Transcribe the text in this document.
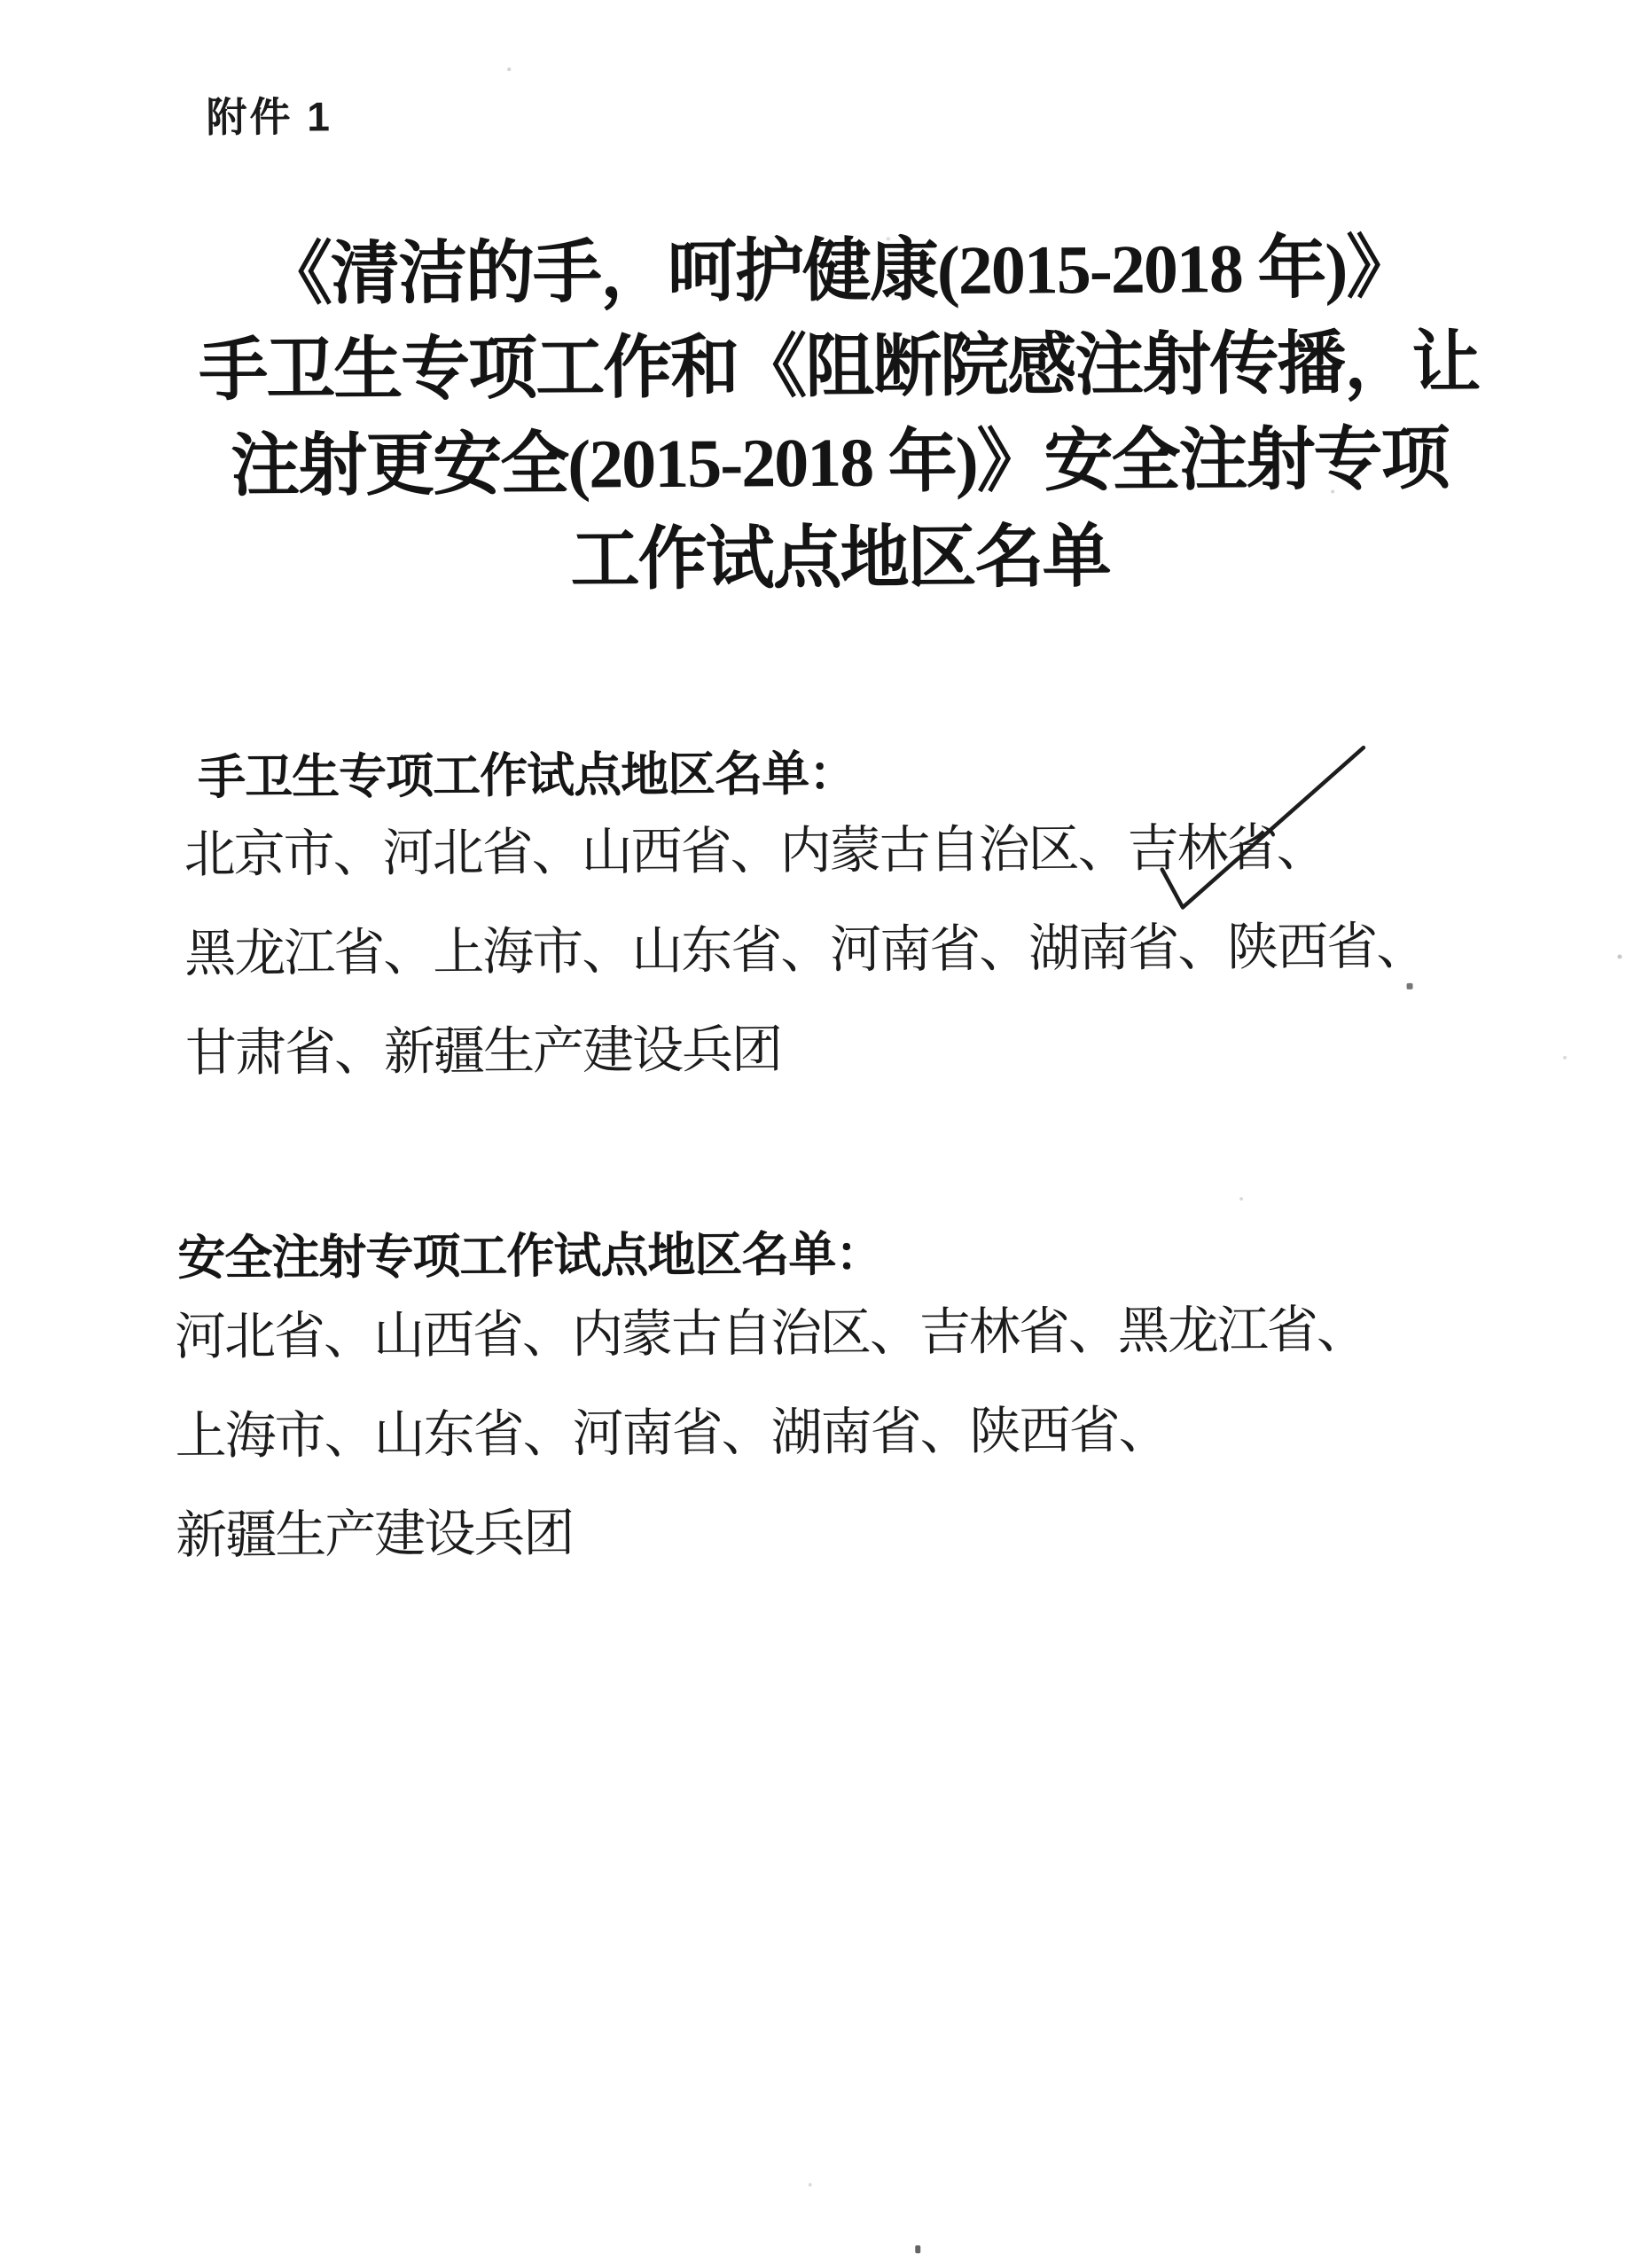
附件 1
《清洁的手，呵护健康(2015-2018 年)》
手卫生专项工作和《阻断院感注射传播，让
注射更安全(2015-2018 年)》安全注射专项
工作试点地区名单
手卫生专项工作试点地区名单：
北京市、河北省、山西省、内蒙古自治区、吉林省、
黑龙江省、上海市、山东省、河南省、湖南省、陕西省、
甘肃省、新疆生产建设兵团
安全注射专项工作试点地区名单：
河北省、山西省、内蒙古自治区、吉林省、黑龙江省、
上海市、山东省、河南省、湖南省、陕西省、
新疆生产建设兵团
